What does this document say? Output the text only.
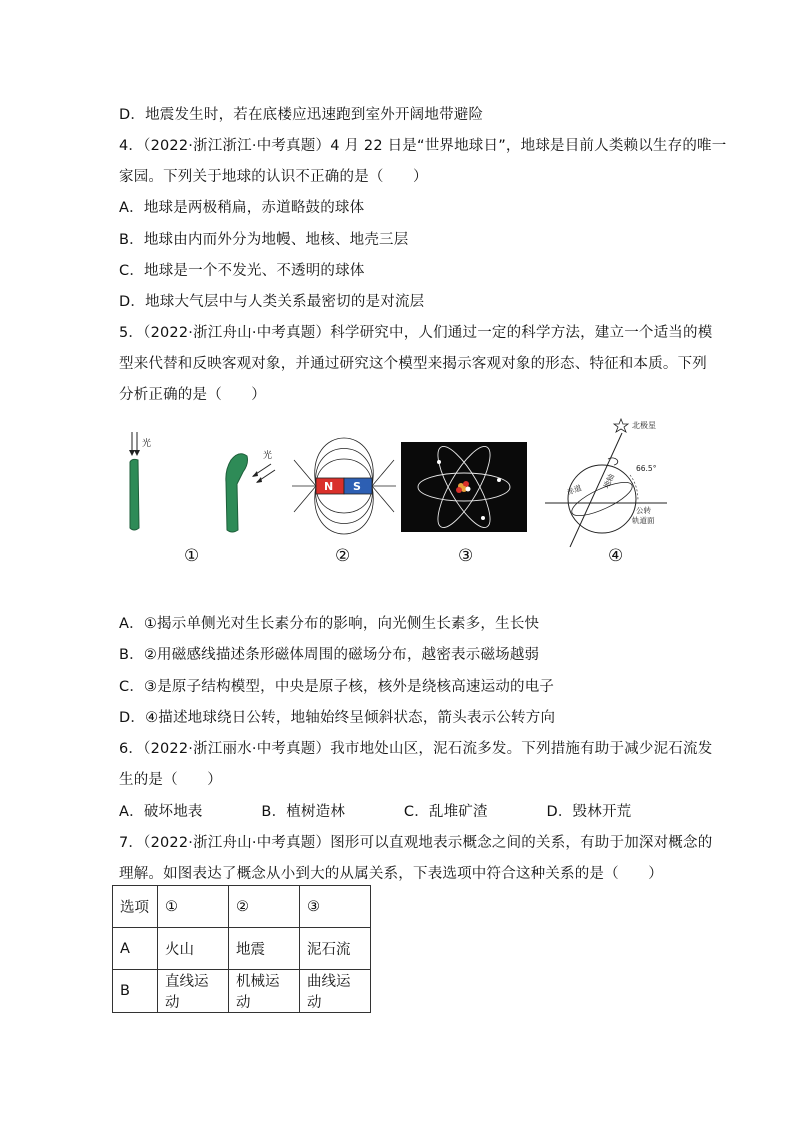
D．地震发生时，若在底楼应迅速跑到室外开阔地带避险
4．（2022·浙江浙江·中考真题）4 月 22 日是“世界地球日”，地球是目前人类赖以生存的唯一
家园。下列关于地球的认识不正确的是（　　）
A．地球是两极稍扁，赤道略鼓的球体
B．地球由内而外分为地幔、地核、地壳三层
C．地球是一个不发光、不透明的球体
D．地球大气层中与人类关系最密切的是对流层
5．（2022·浙江舟山·中考真题）科学研究中，人们通过一定的科学方法，建立一个适当的模
型来代替和反映客观对象，并通过研究这个模型来揭示客观对象的形态、特征和本质。下列
分析正确的是（　　）
光
光
N S
北极星
66.5°
赤道
地轴
公转
轨道面
①	②	③	④
A．①揭示单侧光对生长素分布的影响，向光侧生长素多，生长快
B．②用磁感线描述条形磁体周围的磁场分布，越密表示磁场越弱
C．③是原子结构模型，中央是原子核，核外是绕核高速运动的电子
D．④描述地球绕日公转，地轴始终呈倾斜状态，箭头表示公转方向
6．（2022·浙江丽水·中考真题）我市地处山区，泥石流多发。下列措施有助于减少泥石流发
生的是（　　）
A．破坏地表　　　　B．植树造林　　　　C．乱堆矿渣　　　　D．毁林开荒
7．（2022·浙江舟山·中考真题）图形可以直观地表示概念之间的关系，有助于加深对概念的
理解。如图表达了概念从小到大的从属关系，下表选项中符合这种关系的是（　　）
选项	①	②	③
A	火山	地震	泥石流
B	直线运动	机械运动	曲线运动
